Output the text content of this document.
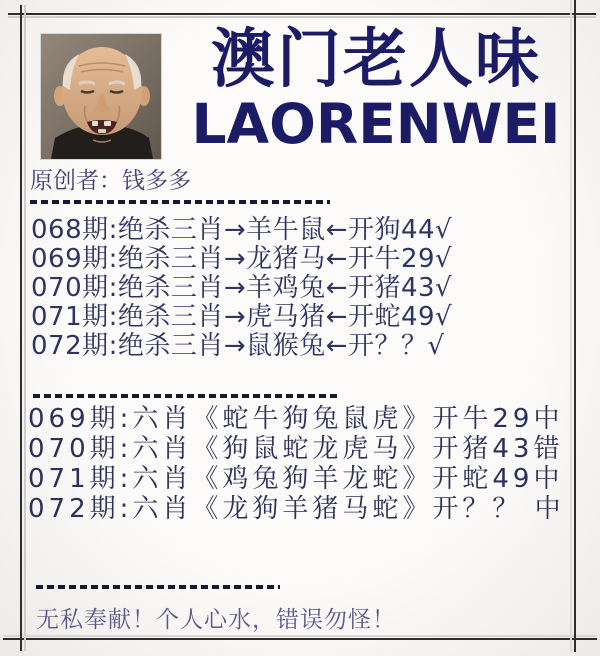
澳门老人味
LAORENWEI
原创者：钱多多
068期:绝杀三肖→羊牛鼠←开狗44√
069期:绝杀三肖→龙猪马←开牛29√
070期:绝杀三肖→羊鸡兔←开猪43√
071期:绝杀三肖→虎马猪←开蛇49√
072期:绝杀三肖→鼠猴兔←开？？√
069期:六肖《蛇牛狗兔鼠虎》开牛29中
070期:六肖《狗鼠蛇龙虎马》开猪43错
071期:六肖《鸡兔狗羊龙蛇》开蛇49中
072期:六肖《龙狗羊猪马蛇》开？？ 中
无私奉献！个人心水，错误勿怪！
